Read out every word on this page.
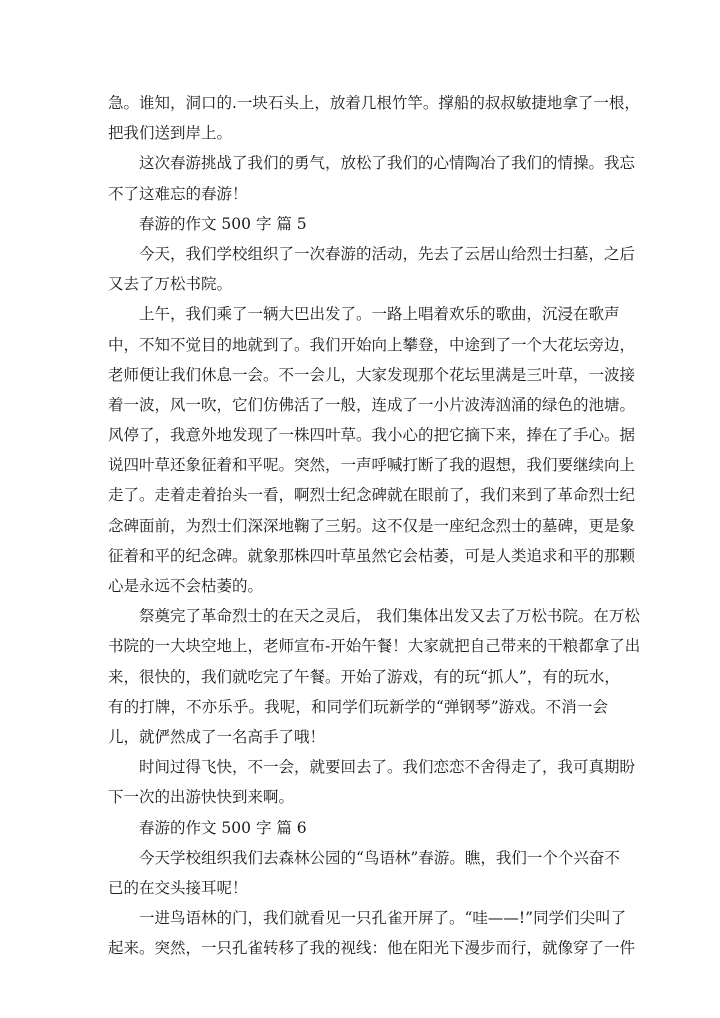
急。谁知，洞口的.一块石头上，放着几根竹竿。撑船的叔叔敏捷地拿了一根，
把我们送到岸上。
这次春游挑战了我们的勇气，放松了我们的心情陶冶了我们的情操。我忘
不了这难忘的春游！
春游的作文 500 字 篇 5
今天，我们学校组织了一次春游的活动，先去了云居山给烈士扫墓，之后
又去了万松书院。
上午，我们乘了一辆大巴出发了。一路上唱着欢乐的歌曲，沉浸在歌声
中，不知不觉目的地就到了。我们开始向上攀登，中途到了一个大花坛旁边，
老师便让我们休息一会。不一会儿，大家发现那个花坛里满是三叶草，一波接
着一波，风一吹，它们仿佛活了一般，连成了一小片波涛汹涌的绿色的池塘。
风停了，我意外地发现了一株四叶草。我小心的把它摘下来，捧在了手心。据
说四叶草还象征着和平呢。突然，一声呼喊打断了我的遐想，我们要继续向上
走了。走着走着抬头一看，啊烈士纪念碑就在眼前了，我们来到了革命烈士纪
念碑面前，为烈士们深深地鞠了三躬。这不仅是一座纪念烈士的墓碑，更是象
征着和平的纪念碑。就象那株四叶草虽然它会枯萎，可是人类追求和平的那颗
心是永远不会枯萎的。
祭奠完了革命烈士的在天之灵后， 我们集体出发又去了万松书院。在万松
书院的一大块空地上，老师宣布-开始午餐！大家就把自己带来的干粮都拿了出
来，很快的，我们就吃完了午餐。开始了游戏，有的玩“抓人”，有的玩水，
有的打牌，不亦乐乎。我呢，和同学们玩新学的“弹钢琴”游戏。不消一会
儿，就俨然成了一名高手了哦！
时间过得飞快，不一会，就要回去了。我们恋恋不舍得走了，我可真期盼
下一次的出游快快到来啊。
春游的作文 500 字 篇 6
今天学校组织我们去森林公园的“鸟语林”春游。瞧，我们一个个兴奋不
已的在交头接耳呢！
一进鸟语林的门，我们就看见一只孔雀开屏了。“哇——!”同学们尖叫了
起来。突然，一只孔雀转移了我的视线：他在阳光下漫步而行，就像穿了一件
